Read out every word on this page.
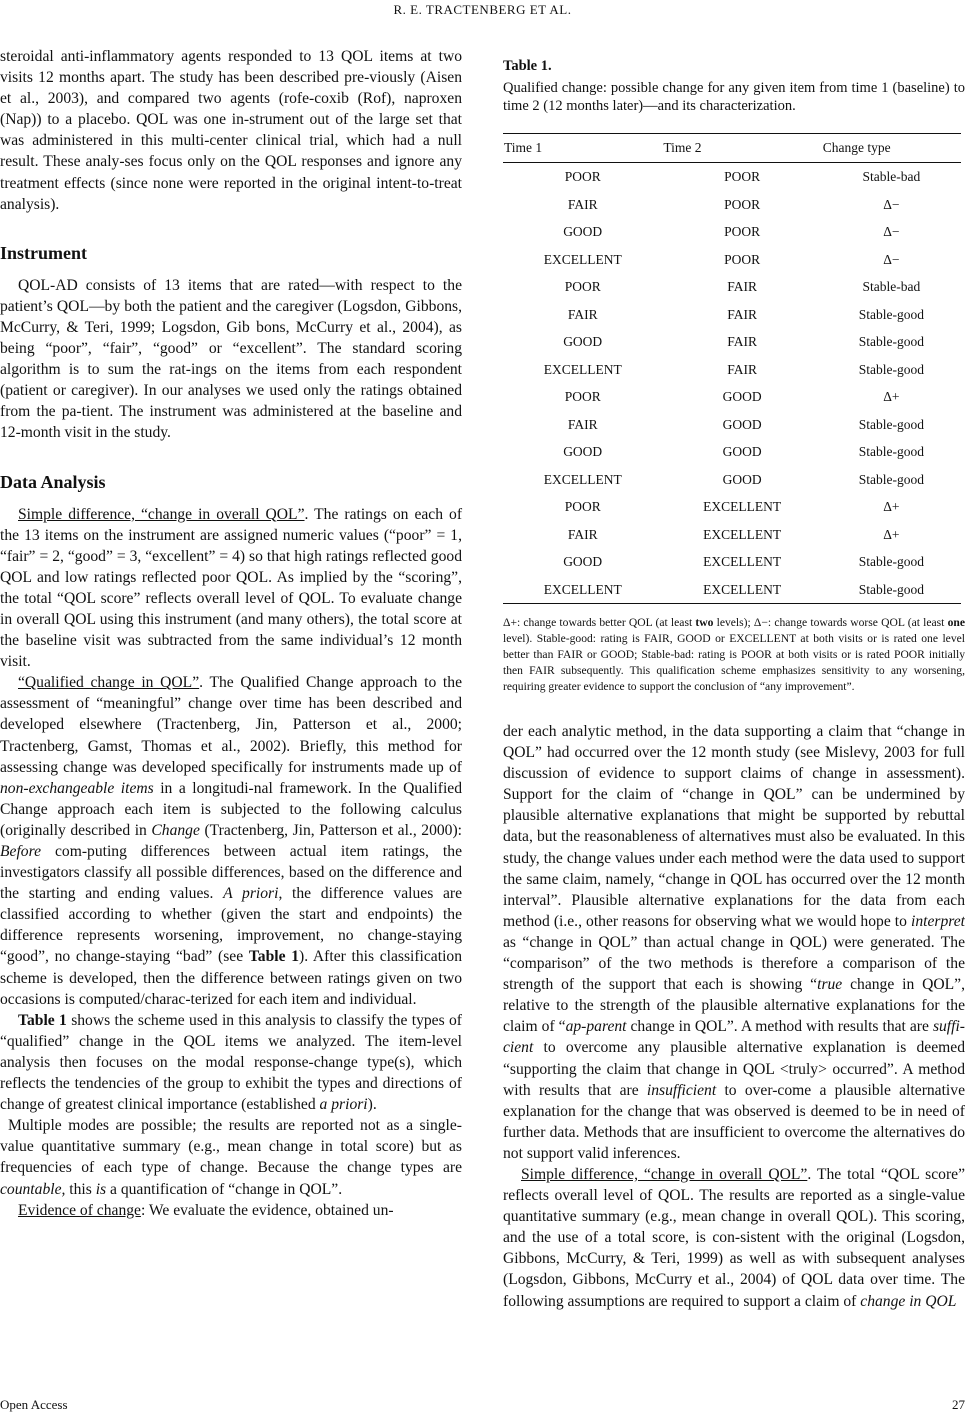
R. E. TRACTENBERG ET AL.

steroidal anti-inflammatory agents responded to 13 QOL items at two visits 12 months apart. The study has been described pre-viously (Aisen et al., 2003), and compared two agents (rofe-coxib (Rof), naproxen (Nap)) to a placebo. QOL was one in-strument out of the large set that was administered in this multi-center clinical trial, which had a null result. These analy-ses focus only on the QOL responses and ignore any treatment effects (since none were reported in the original intent-to-treat analysis).

Instrument

QOL-AD consists of 13 items that are rated—with respect to the patient’s QOL—by both the patient and the caregiver (Logsdon, Gibbons, McCurry, & Teri, 1999; Logsdon, Gib bons, McCurry et al., 2004), as being “poor”, “fair”, “good” or “excellent”. The standard scoring algorithm is to sum the rat-ings on the items from each respondent (patient or caregiver). In our analyses we used only the ratings obtained from the pa-tient. The instrument was administered at the baseline and 12-month visit in the study.

Data Analysis

Simple difference, “change in overall QOL”. The ratings on each of the 13 items on the instrument are assigned numeric values (“poor” = 1, “fair” = 2, “good” = 3, “excellent” = 4) so that high ratings reflected good QOL and low ratings reflected poor QOL. As implied by the “scoring”, the total “QOL score” reflects overall level of QOL. To evaluate change in overall QOL using this instrument (and many others), the total score at the baseline visit was subtracted from the same individual’s 12 month visit.

“Qualified change in QOL”. The Qualified Change approach to the assessment of “meaningful” change over time has been described and developed elsewhere (Tractenberg, Jin, Patterson et al., 2000; Tractenberg, Gamst, Thomas et al., 2002). Briefly, this method for assessing change was developed specifically for instruments made up of non-exchangeable items in a longitudi-nal framework. In the Qualified Change approach each item is subjected to the following calculus (originally described in Change (Tractenberg, Jin, Patterson et al., 2000): Before com-puting differences between actual item ratings, the investigators classify all possible differences, based on the difference and the starting and ending values. A priori, the difference values are classified according to whether (given the start and endpoints) the difference represents worsening, improvement, no change-staying “good”, no change-staying “bad” (see Table 1). After this classification scheme is developed, then the difference between ratings given on two occasions is computed/charac-terized for each item and individual.

Table 1 shows the scheme used in this analysis to classify the types of “qualified” change in the QOL items we analyzed. The item-level analysis then focuses on the modal response-change type(s), which reflects the tendencies of the group to exhibit the types and directions of change of greatest clinical importance (established a priori).

Multiple modes are possible; the results are reported not as a single-value quantitative summary (e.g., mean change in total score) but as frequencies of each type of change. Because the change types are countable, this is a quantification of “change in QOL”.

Evidence of change: We evaluate the evidence, obtained un-

Table 1.
Qualified change: possible change for any given item from time 1 (baseline) to time 2 (12 months later)—and its characterization.
Time 1	Time 2	Change type
POOR	POOR	Stable-bad
FAIR	POOR	Δ−
GOOD	POOR	Δ−
EXCELLENT	POOR	Δ−
POOR	FAIR	Stable-bad
FAIR	FAIR	Stable-good
GOOD	FAIR	Stable-good
EXCELLENT	FAIR	Stable-good
POOR	GOOD	Δ+
FAIR	GOOD	Stable-good
GOOD	GOOD	Stable-good
EXCELLENT	GOOD	Stable-good
POOR	EXCELLENT	Δ+
FAIR	EXCELLENT	Δ+
GOOD	EXCELLENT	Stable-good
EXCELLENT	EXCELLENT	Stable-good
Δ+: change towards better QOL (at least two levels); Δ−: change towards worse QOL (at least one level). Stable-good: rating is FAIR, GOOD or EXCELLENT at both visits or is rated one level better than FAIR or GOOD; Stable-bad: rating is POOR at both visits or is rated POOR initially then FAIR subsequently. This qualification scheme emphasizes sensitivity to any worsening, requiring greater evidence to support the conclusion of “any improvement”.

der each analytic method, in the data supporting a claim that “change in QOL” had occurred over the 12 month study (see Mislevy, 2003 for full discussion of evidence to support claims of change in assessment). Support for the claim of “change in QOL” can be undermined by plausible alternative explanations that might be supported by rebuttal data, but the reasonableness of alternatives must also be evaluated. In this study, the change values under each method were the data used to support the same claim, namely, “change in QOL has occurred over the 12 month interval”. Plausible alternative explanations for the data from each method (i.e., other reasons for observing what we would hope to interpret as “change in QOL” than actual change in QOL) were generated. The “comparison” of the two methods is therefore a comparison of the strength of the support that each is showing “true change in QOL”, relative to the strength of the plausible alternative explanations for the claim of “ap-parent change in QOL”. A method with results that are suffi-cient to overcome any plausible alternative explanation is deemed “supporting the claim that change in QOL <truly> occurred”. A method with results that are insufficient to over-come a plausible alternative explanation for the change that was observed is deemed to be in need of further data. Methods that are insufficient to overcome the alternatives do not support valid inferences.

Simple difference, “change in overall QOL”. The total “QOL score” reflects overall level of QOL. The results are reported as a single-value quantitative summary (e.g., mean change in overall QOL). This scoring, and the use of a total score, is con-sistent with the original (Logsdon, Gibbons, McCurry, & Teri, 1999) as well as with subsequent analyses (Logsdon, Gibbons, McCurry et al., 2004) of QOL data over time. The following assumptions are required to support a claim of change in QOL

Open Access	27
